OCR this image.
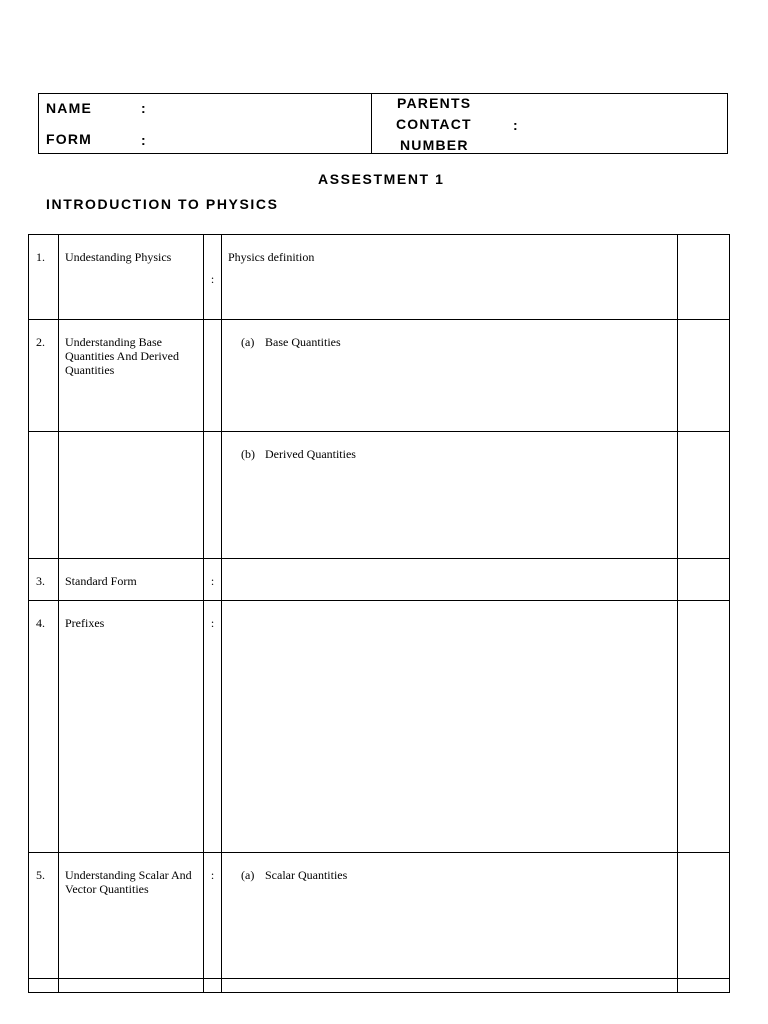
NAME	:
FORM	:
PARENTS
CONTACT	:
NUMBER
ASSESTMENT 1
INTRODUCTION TO PHYSICS
1.	Undestanding Physics	:	Physics definition	
2.	Understanding Base Quantities And Derived Quantities		(a) Base Quantities	
			(b) Derived Quantities	
3.	Standard Form	:		

4.	Prefixes	:		

5.	Understanding Scalar And Vector Quantities	:	(a) Scalar Quantities	
